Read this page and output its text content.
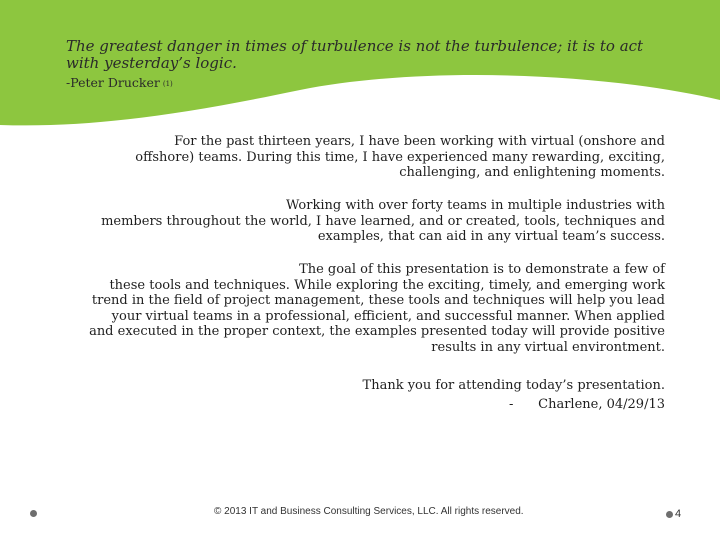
The greatest danger in times of turbulence is not the turbulence; it is to act
with yesterday’s logic.

-Peter Drucker (1)

For the past thirteen years, I have been working with virtual (onshore and
offshore) teams. During this time, I have experienced many rewarding, exciting,
challenging, and enlightening moments.

Working with over forty teams in multiple industries with
members throughout the world, I have learned, and or created, tools, techniques and
examples, that can aid in any virtual team’s success.

The goal of this presentation is to demonstrate a few of
these tools and techniques. While exploring the exciting, timely, and emerging work
trend in the field of project management, these tools and techniques will help you lead
your virtual teams in a professional, efficient, and successful manner. When applied
and executed in the proper context, the examples presented today will provide positive
results in any virtual environtment.

Thank you for attending today’s presentation.
-      Charlene, 04/29/13

© 2013 IT and Business Consulting Services, LLC. All rights reserved.	4
